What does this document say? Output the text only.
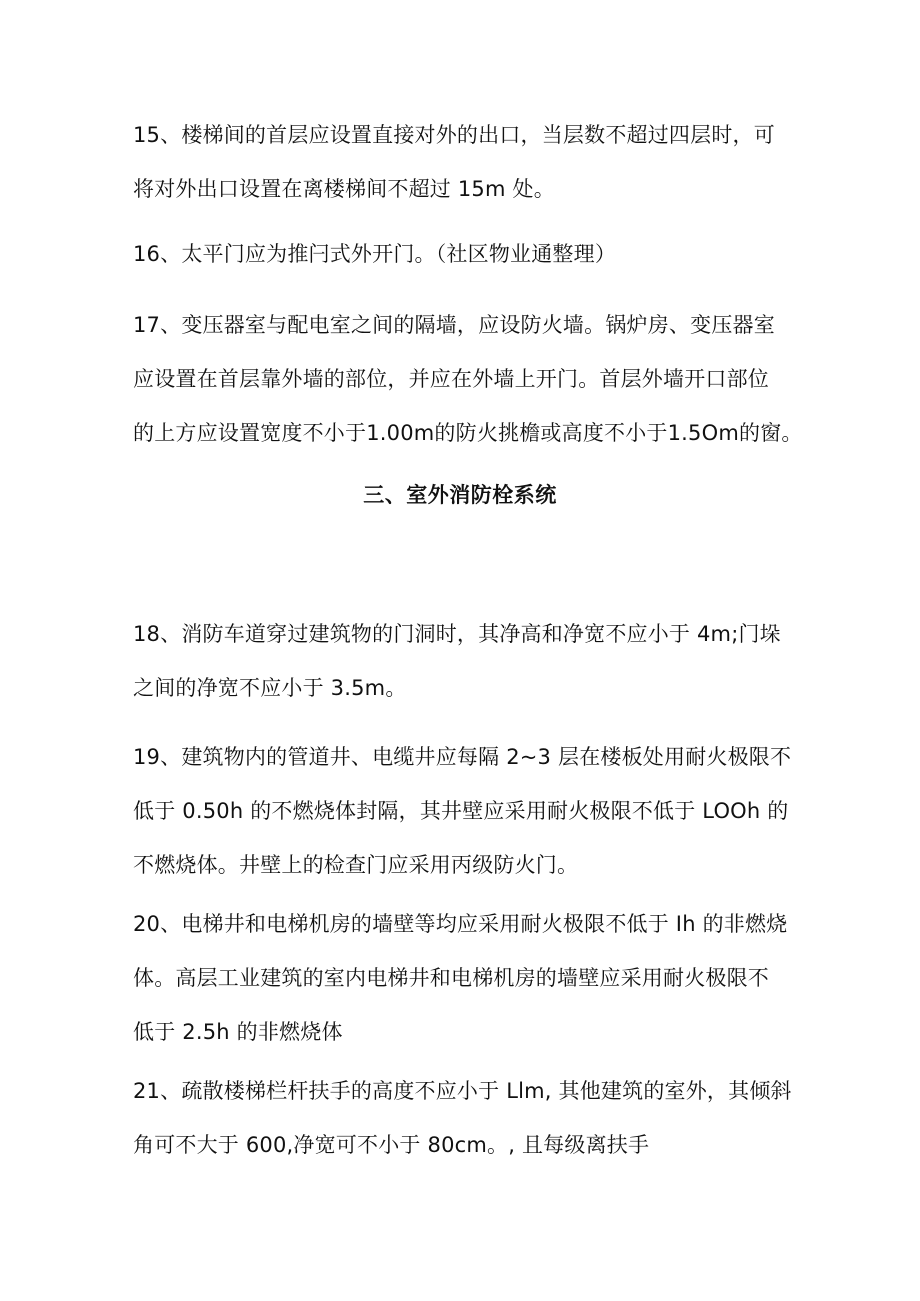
15、楼梯间的首层应设置直接对外的出口，当层数不超过四层时，可
将对外出口设置在离楼梯间不超过 15m 处。
16、太平门应为推闩式外开门。（社区物业通整理）
17、变压器室与配电室之间的隔墙，应设防火墙。锅炉房、变压器室
应设置在首层靠外墙的部位，并应在外墙上开门。首层外墙开口部位
的上方应设置宽度不小于1.00m的防火挑檐或高度不小于1.5Om的窗。
三、室外消防栓系统
18、消防车道穿过建筑物的门洞时，其净高和净宽不应小于 4m;门垛
之间的净宽不应小于 3.5m。
19、建筑物内的管道井、电缆井应每隔 2~3 层在楼板处用耐火极限不
低于 0.50h 的不燃烧体封隔，其井壁应采用耐火极限不低于 LOOh 的
不燃烧体。井壁上的检查门应采用丙级防火门。
20、电梯井和电梯机房的墙壁等均应采用耐火极限不低于 Ih 的非燃烧
体。高层工业建筑的室内电梯井和电梯机房的墙壁应采用耐火极限不
低于 2.5h 的非燃烧体
21、疏散楼梯栏杆扶手的高度不应小于 Llm, 其他建筑的室外，其倾斜
角可不大于 600,净宽可不小于 80cm。, 且每级离扶手
